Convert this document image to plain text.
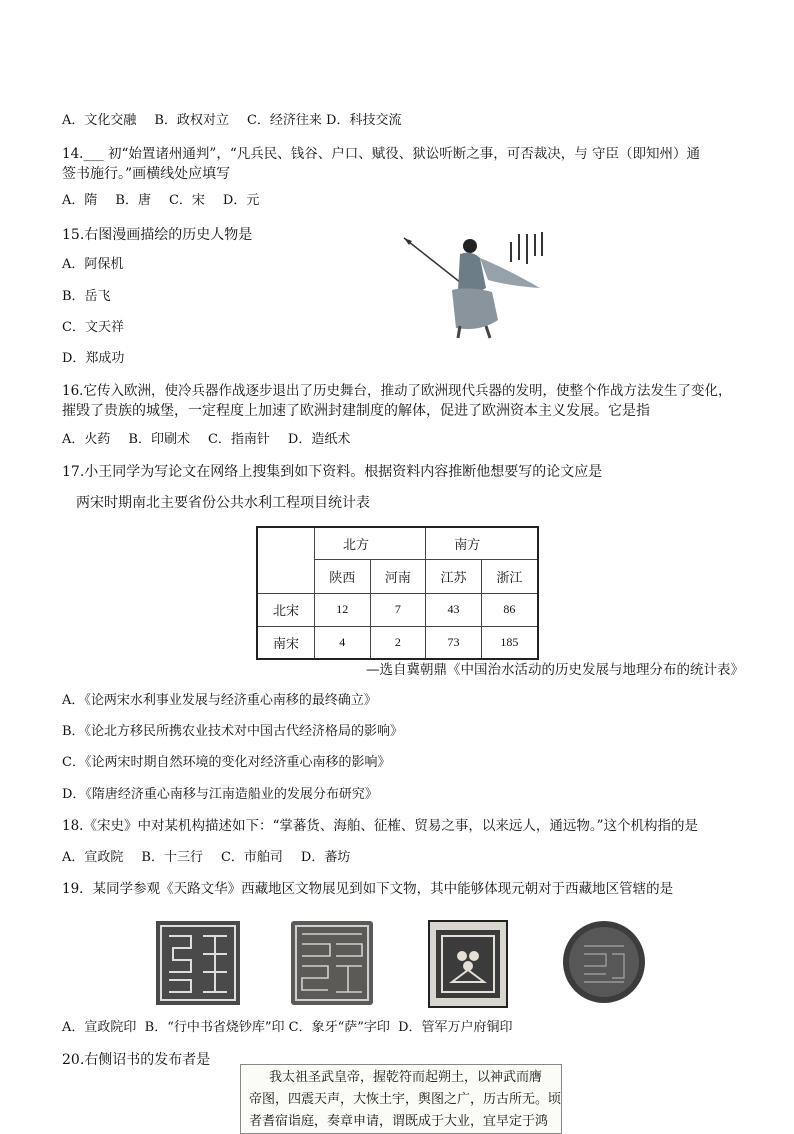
A．文化交融 B．政权对立 C．经济往来 D．科技交流
14.___ 初“始置诸州通判”，“凡兵民、钱谷、户口、赋役、狱讼听断之事，可否裁决，与 守臣（即知州）通
签书施行。”画横线处应填写
A．隋 B．唐 C．宋 D．元
15.右图漫画描绘的历史人物是
A．阿保机
B．岳飞
C．文天祥
D．郑成功
16.它传入欧洲，使冷兵器作战逐步退出了历史舞台，推动了欧洲现代兵器的发明，使整个作战方法发生了变化，
摧毁了贵族的城堡，一定程度上加速了欧洲封建制度的解体，促进了欧洲资本主义发展。它是指
A．火药 B．印刷术 C．指南针 D．造纸术
17.小王同学为写论文在网络上搜集到如下资料。根据资料内容推断他想要写的论文应是
两宋时期南北主要省份公共水利工程项目统计表
	北方		南方	
	陕西	河南	江苏	浙江
北宋	12	7	43	86
南宋	4	2	73	185
—选自冀朝鼎《中国治水活动的历史发展与地理分布的统计表》
A．《论两宋水利事业发展与经济重心南移的最终确立》
B．《论北方移民所携农业技术对中国古代经济格局的影响》
C．《论两宋时期自然环境的变化对经济重心南移的影响》
D．《隋唐经济重心南移与江南造船业的发展分布研究》
18.《宋史》中对某机构描述如下：“掌蕃货、海舶、征榷、贸易之事，以来远人，通远物。”这个机构指的是
A．宣政院 B．十三行 C．市舶司 D．蕃坊
19．某同学参观《天路文华》西藏地区文物展见到如下文物，其中能够体现元朝对于西藏地区管辖的是
A．宣政院印  B．“行中书省烧钞库”印 C．象牙“萨”字印  D．管军万户府铜印
20.右侧诏书的发布者是
我太祖圣武皇帝，握乾符而起朔土，以神武而膺
帝图，四震天声，大恢土宇，舆图之广，历古所无。顷
者耆宿诣庭，奏章申请，谓既成于大业，宜早定于鸿
